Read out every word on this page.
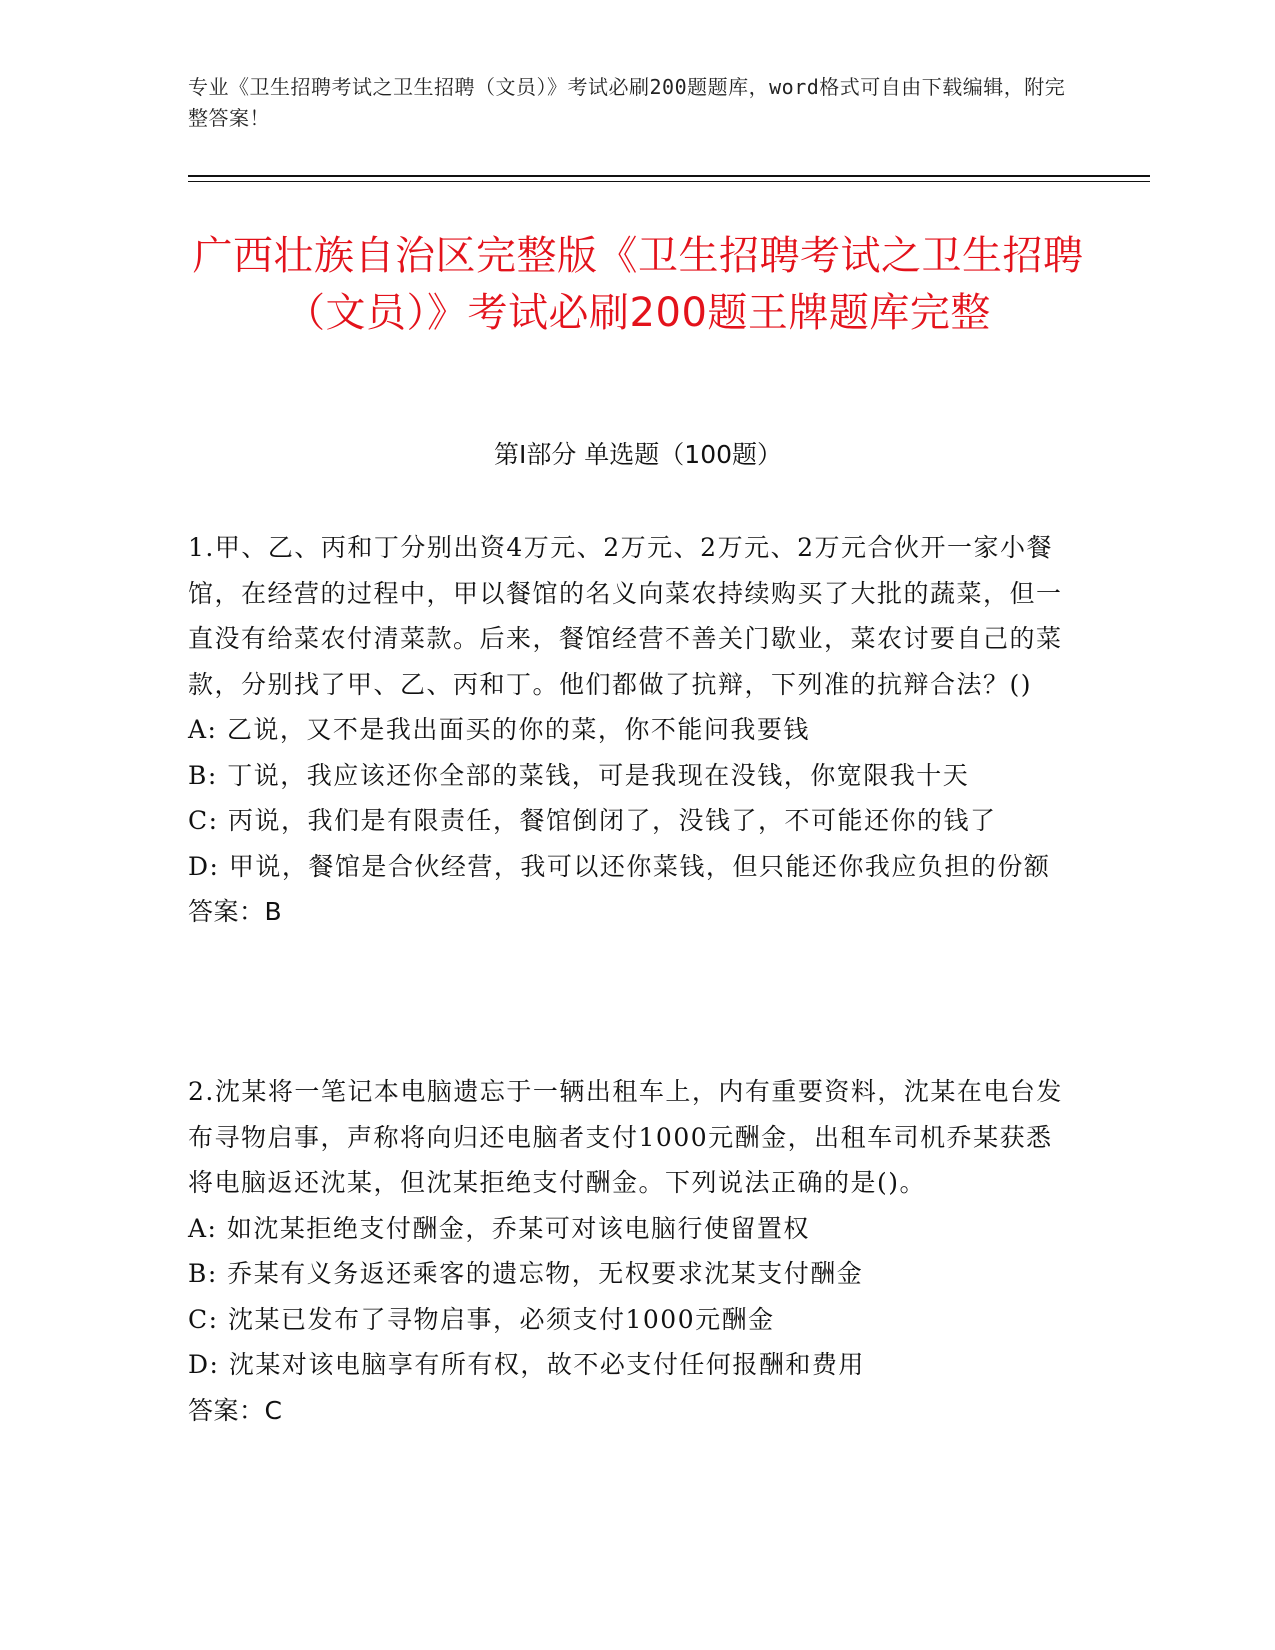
专业《卫生招聘考试之卫生招聘（文员）》考试必刷200题题库，word格式可自由下载编辑，附完整答案！
广西壮族自治区完整版《卫生招聘考试之卫生招聘（文员）》考试必刷200题王牌题库完整
第I部分 单选题（100题）
1.甲、乙、丙和丁分别出资4万元、2万元、2万元、2万元合伙开一家小餐馆，在经营的过程中，甲以餐馆的名义向菜农持续购买了大批的蔬菜，但一直没有给菜农付清菜款。后来，餐馆经营不善关门歇业，菜农讨要自己的菜款，分别找了甲、乙、丙和丁。他们都做了抗辩，下列准的抗辩合法？()
A: 乙说，又不是我出面买的你的菜，你不能问我要钱
B: 丁说，我应该还你全部的菜钱，可是我现在没钱，你宽限我十天
C: 丙说，我们是有限责任，餐馆倒闭了，没钱了，不可能还你的钱了
D: 甲说，餐馆是合伙经营，我可以还你菜钱，但只能还你我应负担的份额
答案：B
2.沈某将一笔记本电脑遗忘于一辆出租车上，内有重要资料，沈某在电台发布寻物启事，声称将向归还电脑者支付1000元酬金，出租车司机乔某获悉将电脑返还沈某，但沈某拒绝支付酬金。下列说法正确的是()。
A: 如沈某拒绝支付酬金，乔某可对该电脑行使留置权
B: 乔某有义务返还乘客的遗忘物，无权要求沈某支付酬金
C: 沈某已发布了寻物启事，必须支付1000元酬金
D: 沈某对该电脑享有所有权，故不必支付任何报酬和费用
答案：C
